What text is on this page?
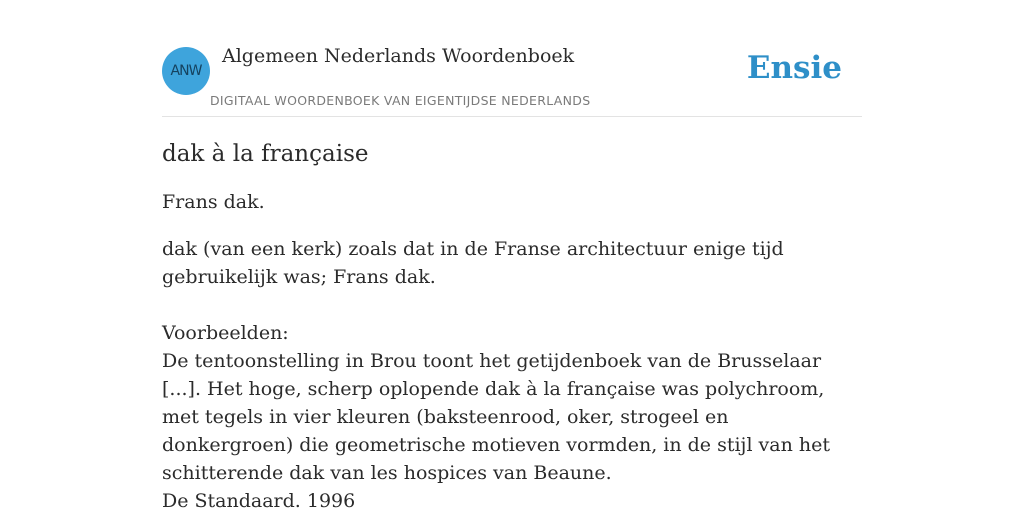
ANW
Algemeen Nederlands Woordenboek
DIGITAAL WOORDENBOEK VAN EIGENTIJDSE NEDERLANDS
Ensie
dak à la française

Frans dak.

dak (van een kerk) zoals dat in de Franse architectuur enige tijd gebruikelijk was; Frans dak.

Voorbeelden:

De tentoonstelling in Brou toont het getijdenboek van de Brusselaar [...]. Het hoge, scherp oplopende dak à la française was polychroom, met tegels in vier kleuren (baksteenrood, oker, strogeel en donkergroen) die geometrische motieven vormden, in de stijl van het schitterende dak van les hospices van Beaune.

De Standaard. 1996
